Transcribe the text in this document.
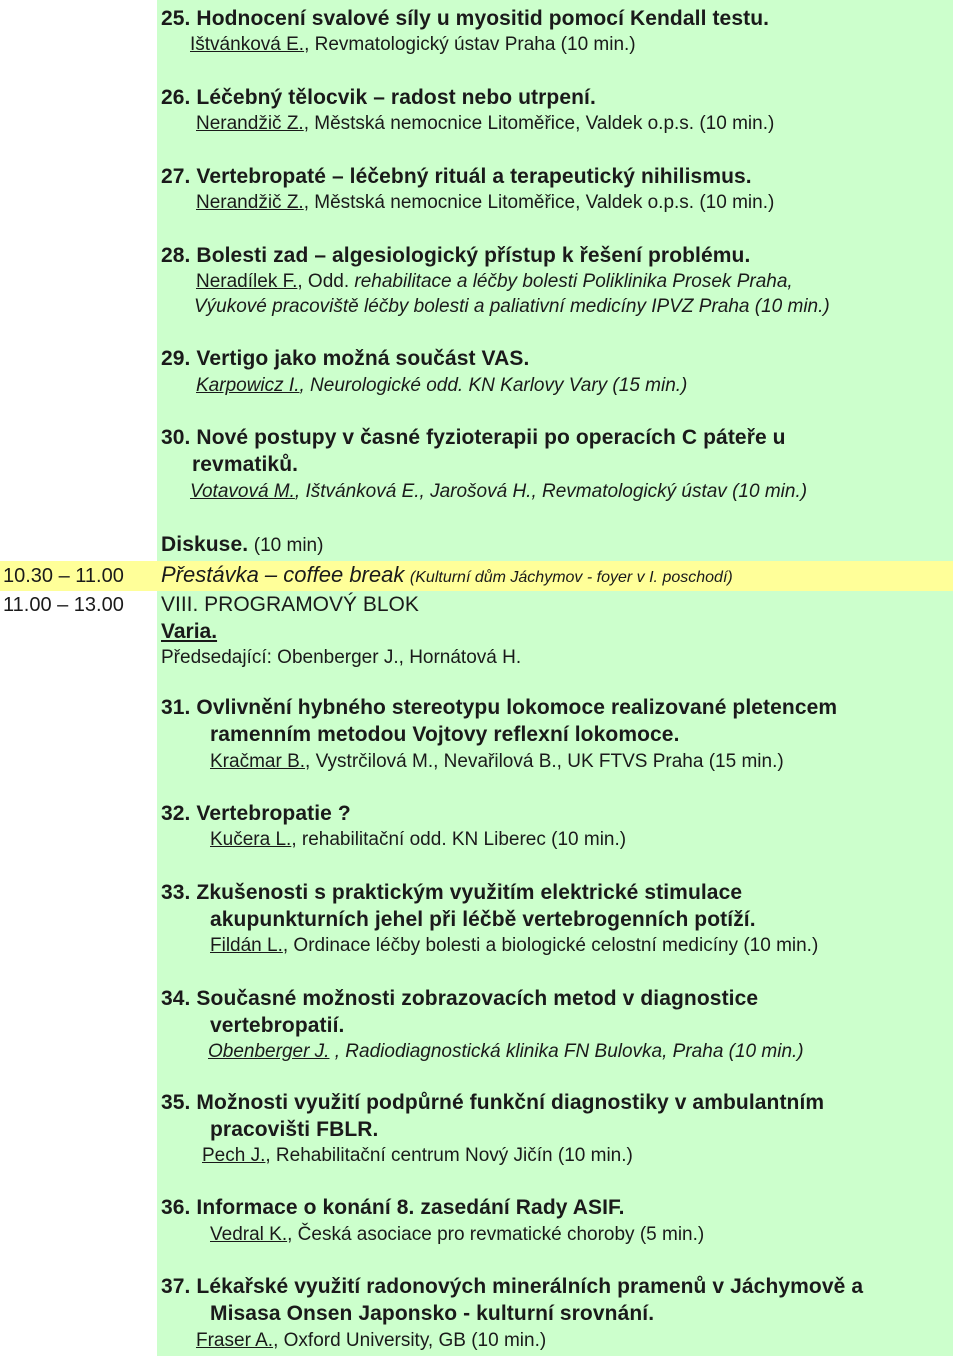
25. Hodnocení svalové síly u myositid pomocí Kendall testu.
Ištvánková E., Revmatologický ústav Praha (10 min.)
26. Léčebný tělocvik – radost nebo utrpení.
Nerandžič Z., Městská nemocnice Litoměřice, Valdek o.p.s. (10 min.)
27. Vertebropaté – léčebný rituál a terapeutický nihilismus.
Nerandžič Z., Městská nemocnice Litoměřice, Valdek o.p.s. (10 min.)
28. Bolesti zad – algesiologický přístup k řešení problému.
Neradílek F., Odd. rehabilitace a léčby bolesti Poliklinika Prosek Praha,
Výukové pracoviště léčby bolesti a paliativní medicíny IPVZ Praha (10 min.)
29. Vertigo jako možná součást VAS.
Karpowicz I., Neurologické odd. KN Karlovy Vary (15 min.)
30. Nové postupy v časné fyzioterapii po operacích C páteře u
revmatiků.
Votavová M., Ištvánková E., Jarošová H., Revmatologický ústav (10 min.)
Diskuse. (10 min)
10.30 – 11.00 Přestávka – coffee break (Kulturní dům Jáchymov - foyer v I. poschodí)
11.00 – 13.00 VIII. PROGRAMOVÝ BLOK
Varia.
Předsedající: Obenberger J., Hornátová H.
31. Ovlivnění hybného stereotypu lokomoce realizované pletencem
ramenním metodou Vojtovy reflexní lokomoce.
Kračmar B., Vystrčilová M., Nevařilová B., UK FTVS Praha (15 min.)
32. Vertebropatie ?
Kučera L., rehabilitační odd. KN Liberec (10 min.)
33. Zkušenosti s praktickým využitím elektrické stimulace
akupunkturních jehel při léčbě vertebrogenních potíží.
Fildán L., Ordinace léčby bolesti a biologické celostní medicíny (10 min.)
34. Současné možnosti zobrazovacích metod v diagnostice
vertebropatií.
Obenberger J. , Radiodiagnostická klinika FN Bulovka, Praha (10 min.)
35. Možnosti využití podpůrné funkční diagnostiky v ambulantním
pracovišti FBLR.
Pech J., Rehabilitační centrum Nový Jičín (10 min.)
36. Informace o konání 8. zasedání Rady ASIF.
Vedral K., Česká asociace pro revmatické choroby (5 min.)
37. Lékařské využití radonových minerálních pramenů v Jáchymově a
Misasa Onsen Japonsko - kulturní srovnání.
Fraser A., Oxford University, GB (10 min.)
